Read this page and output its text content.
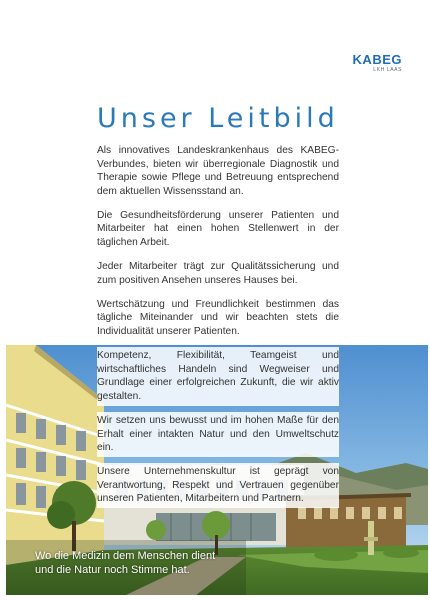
KABEG
LKH LAAS
Unser Leitbild

Als innovatives Landeskrankenhaus des KABEG-Verbundes, bieten wir überregionale Diagnostik und Therapie sowie Pflege und Betreuung entsprechend dem aktuellen Wissensstand an.

Die Gesundheitsförderung unserer Patienten und Mitarbeiter hat einen hohen Stellenwert in der täglichen Arbeit.

Jeder Mitarbeiter trägt zur Qualitätssicherung und zum positiven Ansehen unseres Hauses bei.

Wertschätzung und Freundlichkeit bestimmen das tägliche Miteinander und wir beachten stets die Individualität unserer Patienten.

Kompetenz, Flexibilität, Teamgeist und wirtschaftliches Handeln sind Wegweiser und Grundlage einer erfolgreichen Zukunft, die wir aktiv gestalten.

Wir setzen uns bewusst und im hohen Maße für den Erhalt einer intakten Natur und den Umweltschutz ein.

Unsere Unternehmenskultur ist geprägt von Verantwortung, Respekt und Vertrauen gegenüber unseren Patienten, Mitarbeitern und Partnern.

Wo die Medizin dem Menschen dient
und die Natur noch Stimme hat.
